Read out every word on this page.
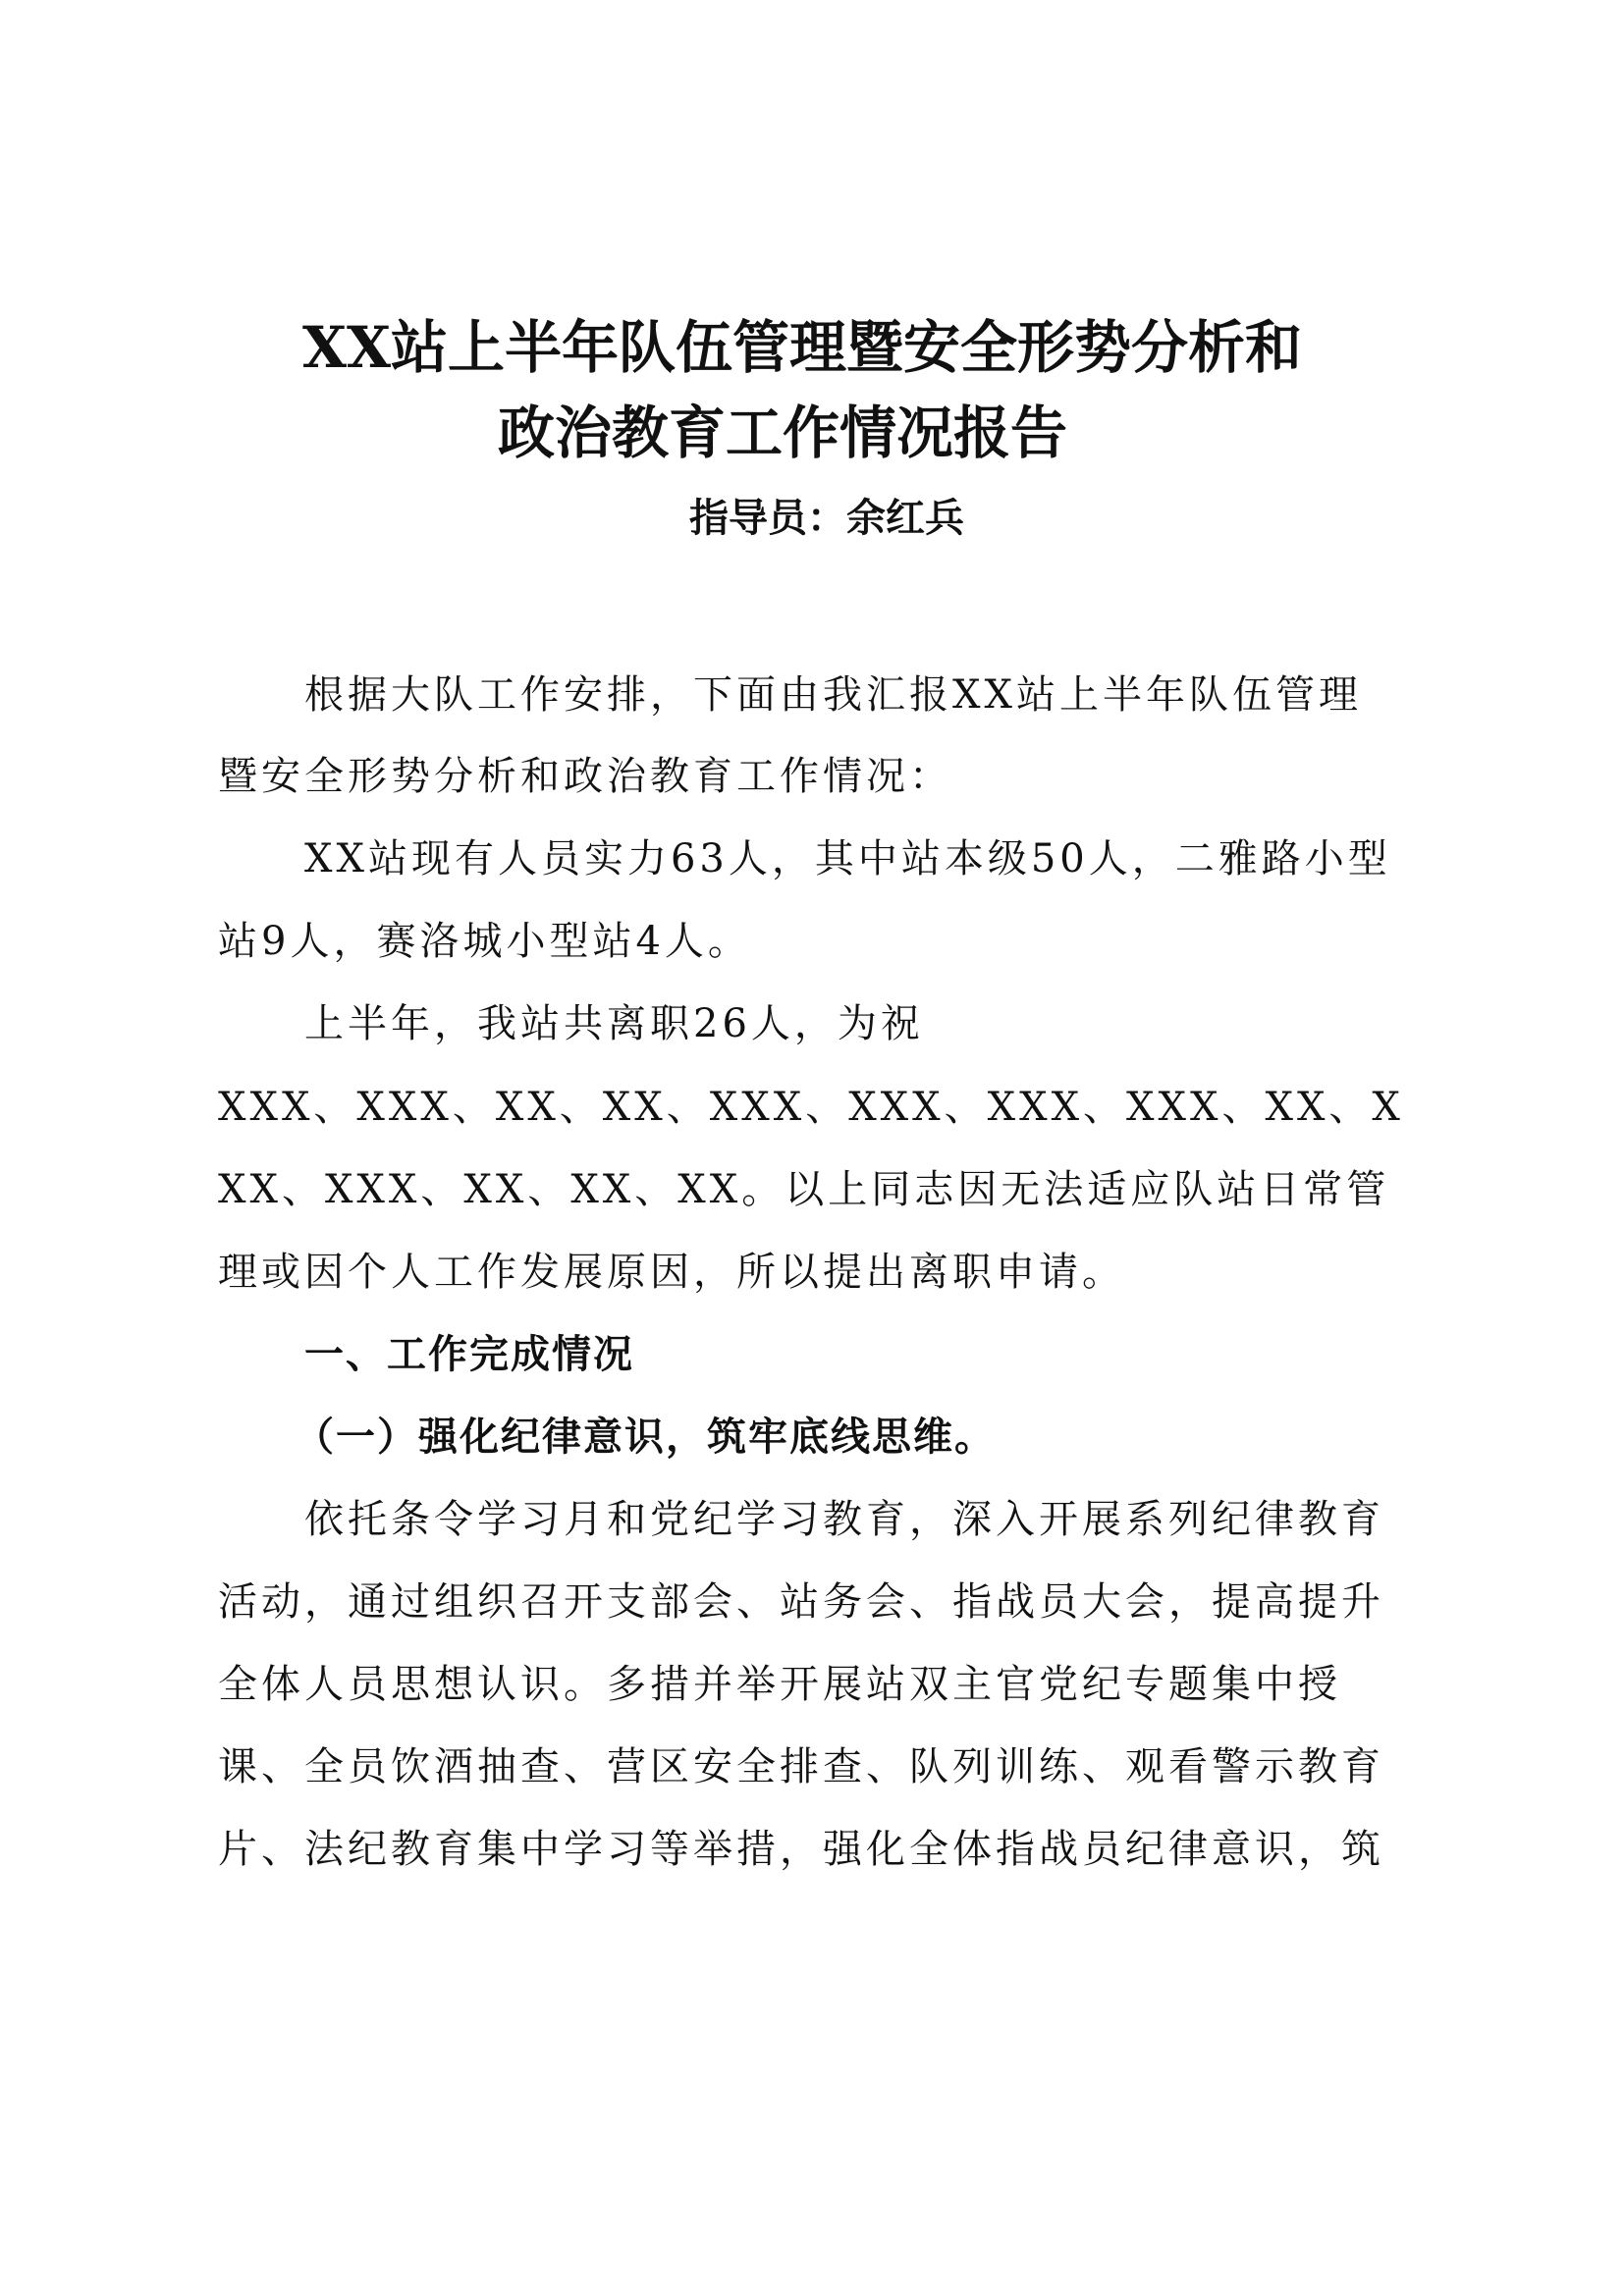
XX站上半年队伍管理暨安全形势分析和
政治教育工作情况报告
指导员：余红兵
根据大队工作安排，下面由我汇报XX站上半年队伍管理
暨安全形势分析和政治教育工作情况：
XX站现有人员实力63人，其中站本级50人，二雅路小型
站9人，赛洛城小型站4人。
上半年，我站共离职26人，为祝
XXX、XXX、XX、XX、XXX、XXX、XXX、XXX、XX、X
XX、XXX、XX、XX、XX。以上同志因无法适应队站日常管
理或因个人工作发展原因，所以提出离职申请。
一、工作完成情况
（一）强化纪律意识，筑牢底线思维。
依托条令学习月和党纪学习教育，深入开展系列纪律教育
活动，通过组织召开支部会、站务会、指战员大会，提高提升
全体人员思想认识。多措并举开展站双主官党纪专题集中授
课、全员饮酒抽查、营区安全排查、队列训练、观看警示教育
片、法纪教育集中学习等举措，强化全体指战员纪律意识，筑
